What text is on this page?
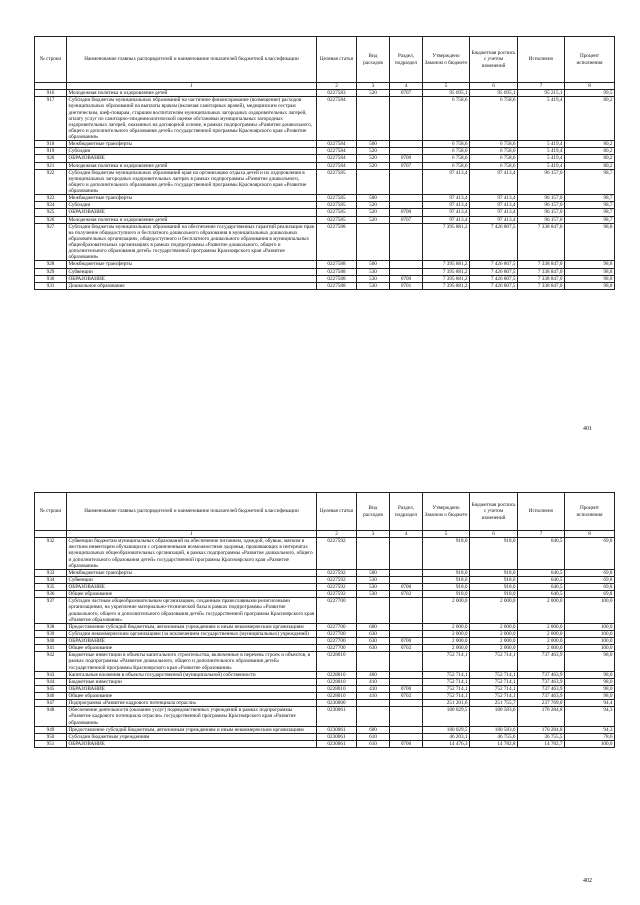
№ строки	Наименование главных распорядителей и наименование показателей бюджетной классификации	Целевая статья	Вид расходов	Раздел, подраздел	Утверждено Законом о бюджете	Бюджетная роспись с учетом изменений	Исполнено	Процент исполнения
	1	2	3	4	5	6	7	8
916	Молодежная политика и оздоровление детей	0227583	520	0707	95 695,1	95 695,1	95 215,1	99,5
917	Субсидии бюджетам муниципальных образований на частичное финансирование (возмещение) расходов муниципальных образований на выплаты врачам (включая санитарных врачей), медицинским сестрам диетическим, шеф-поварам, старшим воспитателям муниципальных загородных оздоровительных лагерей, оплату услуг по санитарно-эпидемиологической оценке обстановки муниципальных загородных оздоровительных лагерей, оказанных на договорной основе, в рамках подпрограммы «Развитие дошкольного, общего и дополнительного образования детей» государственной программы Красноярского края «Развитие образования»	0227584			6 758,6	6 758,6	5 419,4	80,2
918	Межбюджетные трансферты	0227584	500		6 758,6	6 758,6	5 419,4	80,2
919	Субсидии	0227584	520		6 758,6	6 758,6	5 419,4	80,2
920	ОБРАЗОВАНИЕ	0227584	520	0700	6 758,6	6 758,6	5 419,4	80,2
921	Молодежная политика и оздоровление детей	0227584	520	0707	6 758,6	6 758,6	5 419,4	80,2
922	Субсидии бюджетам муниципальных образований края на организацию отдыха детей и их оздоровления в муниципальных загородных оздоровительных лагерях в рамках подпрограммы «Развитие дошкольного, общего и дополнительного образования детей» государственной программы Красноярского края «Развитие образования»	0227585			97 413,4	97 413,4	96 157,0	98,7
923	Межбюджетные трансферты	0227585	500		97 413,4	97 413,4	96 157,0	98,7
924	Субсидии	0227585	520		97 413,4	97 413,4	96 157,0	98,7
925	ОБРАЗОВАНИЕ	0227585	520	0700	97 413,4	97 413,4	96 157,0	98,7
926	Молодежная политика и оздоровление детей	0227585	520	0707	97 413,4	97 413,4	96 157,0	98,7
927	Субсидии бюджетам муниципальных образований на обеспечение государственных гарантий реализации прав на получение общедоступного и бесплатного дошкольного образования в муниципальных дошкольных образовательных организациях, общедоступного и бесплатного дошкольного образования в муниципальных общеобразовательных организациях в рамках подпрограммы «Развитие дошкольного, общего и дополнительного образования детей» государственной программы Красноярского края «Развитие образования»	0227588			7 395 881,2	7 426 807,5	7 338 847,0	98,8
928	Межбюджетные трансферты	0227588	500		7 395 881,2	7 426 807,5	7 338 847,0	98,8
929	Субвенции	0227588	530		7 395 881,2	7 426 807,5	7 338 847,0	98,8
930	ОБРАЗОВАНИЕ	0227588	530	0700	7 395 881,2	7 426 807,5	7 338 847,0	98,8
931	Дошкольное образование	0227588	530	0701	7 395 881,2	7 426 807,5	7 338 847,0	98,8
401
№ строки	Наименование главных распорядителей и наименование показателей бюджетной классификации	Целевая статья	Вид расходов	Раздел, подраздел	Утверждено Законом о бюджете	Бюджетная роспись с учетом изменений	Исполнено	Процент исполнения
	1	2	3	4	5	6	7	8
932	Субвенции бюджетам муниципальных образований на обеспечение питанием, одеждой, обувью, мягким и жестким инвентарем обучающихся с ограниченными возможностями здоровья, проживающих в интернатах муниципальных общеобразовательных организаций, в рамках подпрограммы «Развитие дошкольного, общего и дополнительного образования детей» государственной программы Красноярского края «Развитие образования»	0227592			918,0	918,0	640,5	69,8
933	Межбюджетные трансферты	0227592	500		918,0	918,0	640,5	69,8
934	Субвенции	0227592	530		918,0	918,0	640,5	69,8
935	ОБРАЗОВАНИЕ	0227592	530	0700	918,0	918,0	640,5	69,8
936	Общее образование	0227592	530	0702	918,0	918,0	640,5	69,8
937	Субсидии частным общеобразовательным организациям, созданным православными религиозными организациями, на укрепление материально-технической базы в рамках подпрограммы «Развитие дошкольного, общего и дополнительного образования детей» государственной программы Красноярского края «Развитие образования»	0227700			2 000,0	2 000,0	2 000,0	100,0
938	Предоставление субсидий бюджетным, автономным учреждениям и иным некоммерческим организациям	0227700	600		2 000,0	2 000,0	2 000,0	100,0
939	Субсидии некоммерческим организациям (за исключением государственных (муниципальных) учреждений)	0227700	630		2 000,0	2 000,0	2 000,0	100,0
940	ОБРАЗОВАНИЕ	0227700	630	0700	2 000,0	2 000,0	2 000,0	100,0
941	Общее образование	0227700	630	0702	2 000,0	2 000,0	2 000,0	100,0
942	Бюджетные инвестиции в объекты капитального строительства, включенные в перечень строек и объектов, в рамках подпрограммы «Развитие дошкольного, общего и дополнительного образования детей» государственной программы Красноярского края «Развитие образования»	0228010			752 714,1	752 714,1	737 463,9	98,0
943	Капитальные вложения в объекты государственной (муниципальной) собственности	0228010	400		752 714,1	752 714,1	737 463,9	98,0
944	Бюджетные инвестиции	0228010	410		752 714,1	752 714,1	737 463,9	98,0
945	ОБРАЗОВАНИЕ	0228010	410	0700	752 714,1	752 714,1	737 463,9	98,0
946	Общее образование	0228010	410	0702	752 714,1	752 714,1	737 463,9	98,0
947	Подпрограмма «Развитие кадрового потенциала отрасли»	0230000			251 201,6	251 755,7	237 769,0	94,4
948	Обеспечение деятельности (оказание услуг) подведомственных учреждений в рамках подпрограммы «Развитие кадрового потенциала отрасли» государственной программы Красноярского края «Развитие образования»	0230061			180 029,5	180 583,6	170 284,8	94,3
949	Предоставление субсидий бюджетным, автономным учреждениям и иным некоммерческим организациям	0230061	600		180 029,5	180 583,6	170 284,8	94,3
950	Субсидии бюджетным учреждениям	0230061	610		46 203,1	46 755,6	36 755,5	78,6
951	ОБРАЗОВАНИЕ	0230061	610	0700	14 476,3	14 782,8	14 782,7	100,0
402
